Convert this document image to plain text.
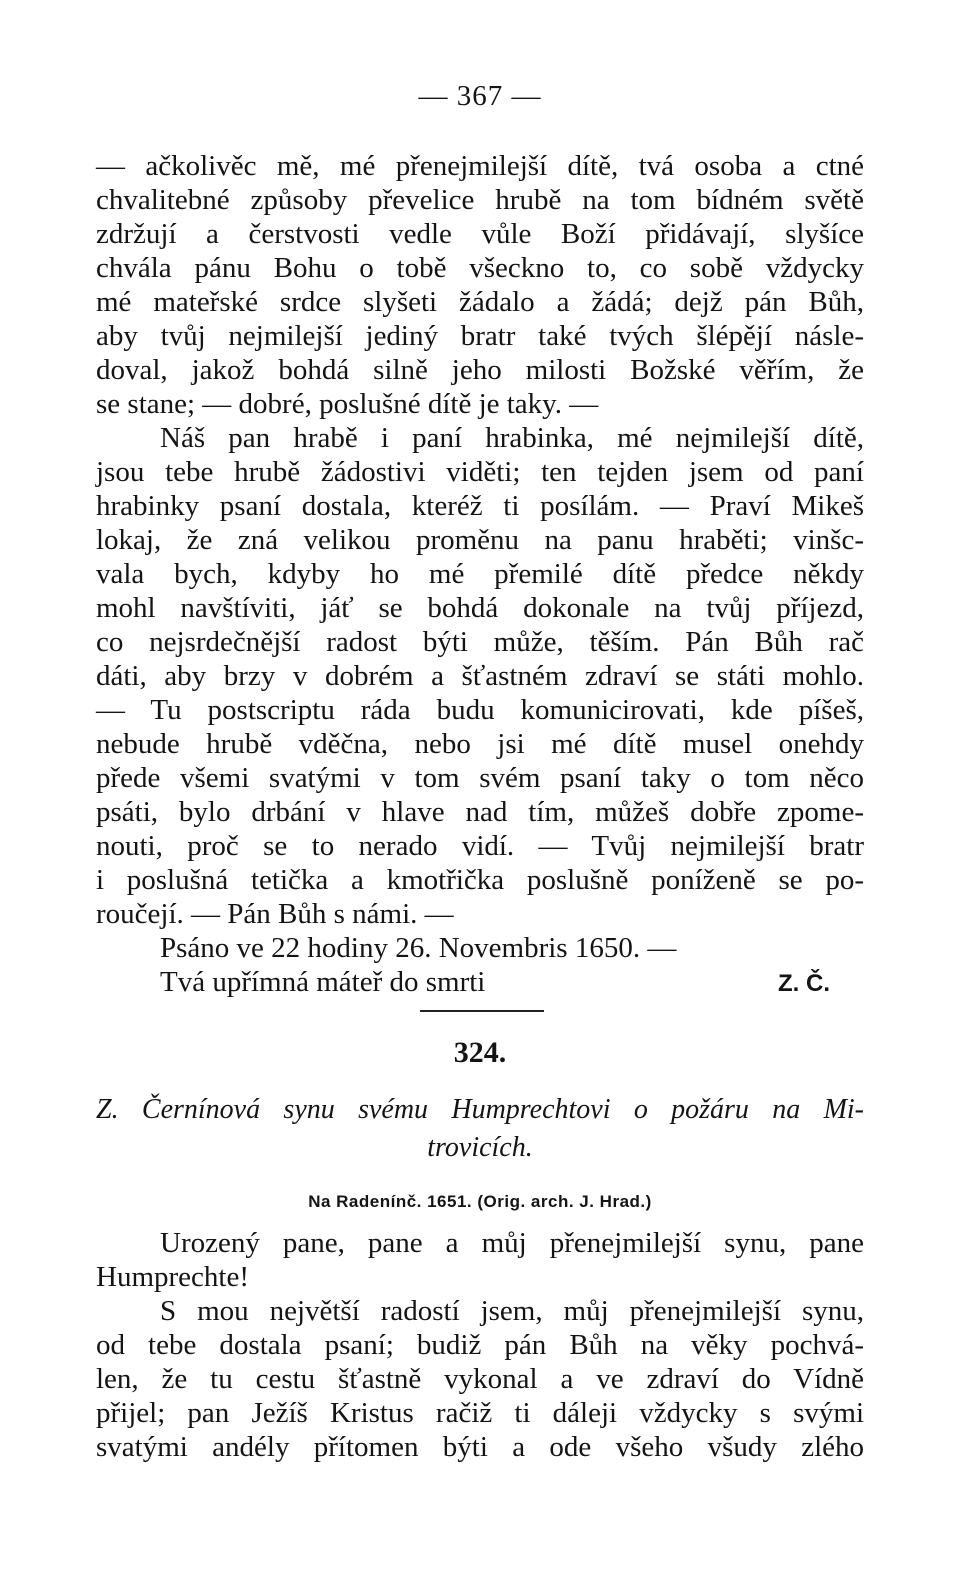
— 367 —
— ačkolivěc mě, mé přenejmilejší dítě, tvá osoba a ctné
chvalitebné způsoby převelice hrubě na tom bídném světě
zdržují a čerstvosti vedle vůle Boží přidávají, slyšíce
chvála pánu Bohu o tobě všeckno to, co sobě vždycky
mé mateřské srdce slyšeti žádalo a žádá; dejž pán Bůh,
aby tvůj nejmilejší jediný bratr také tvých šlépějí násle-
doval, jakož bohdá silně jeho milosti Božské věřím, že
se stane; — dobré, poslušné dítě je taky. —
Náš pan hrabě i paní hrabinka, mé nejmilejší dítě,
jsou tebe hrubě žádostivi viděti; ten tejden jsem od paní
hrabinky psaní dostala, kteréž ti posílám. — Praví Mikeš
lokaj, že zná velikou proměnu na panu hraběti; vinšc-
vala bych, kdyby ho mé přemilé dítě předce někdy
mohl navštíviti, jáť se bohdá dokonale na tvůj příjezd,
co nejsrdečnější radost býti může, těším. Pán Bůh rač
dáti, aby brzy v dobrém a šťastném zdraví se státi mohlo.
— Tu postscriptu ráda budu komunicirovati, kde píšeš,
nebude hrubě vděčna, nebo jsi mé dítě musel onehdy
přede všemi svatými v tom svém psaní taky o tom něco
psáti, bylo drbání v hlave nad tím, můžeš dobře zpome-
nouti, proč se to nerado vidí. — Tvůj nejmilejší bratr
i poslušná tetička a kmotřička poslušně poníženě se po-
roučejí. — Pán Bůh s námi. —
Psáno ve 22 hodiny 26. Novembris 1650. —
Tvá upřímná máteř do smrti	Z. Č.
324.
Z. Černínová synu svému Humprechtovi o požáru na Mi-
trovicích.
Na Radenínč. 1651. (Orig. arch. J. Hrad.)
Urozený pane, pane a můj přenejmilejší synu, pane
Humprechte!
S mou největší radostí jsem, můj přenejmilejší synu,
od tebe dostala psaní; budiž pán Bůh na věky pochvá-
len, že tu cestu šťastně vykonal a ve zdraví do Vídně
přijel; pan Ježíš Kristus račiž ti dáleji vždycky s svými
svatými andély přítomen býti a ode všeho všudy zlého
